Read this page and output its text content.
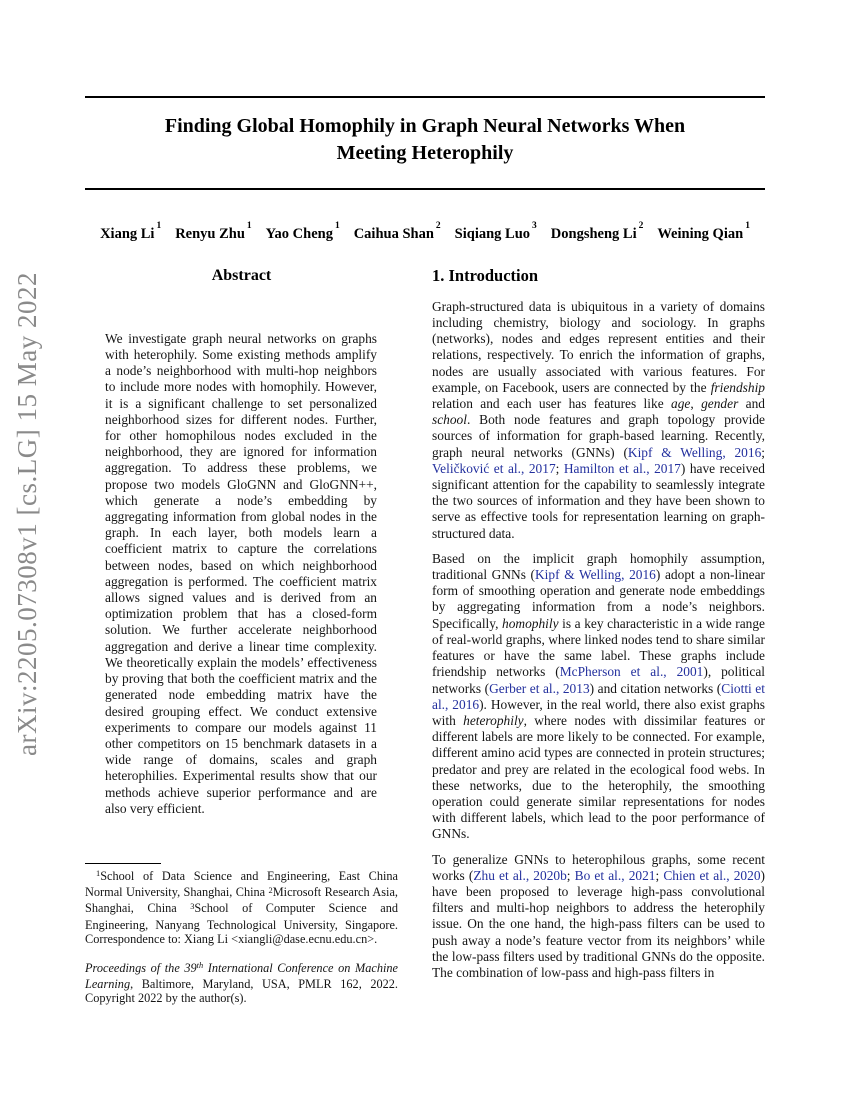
arXiv:2205.07308v1 [cs.LG] 15 May 2022
Finding Global Homophily in Graph Neural Networks When Meeting Heterophily
Xiang Li $^1$ Renyu Zhu $^1$ Yao Cheng $^1$ Caihua Shan $^2$ Siqiang Luo $^3$ Dongsheng Li $^2$ Weining Qian $^1$
Abstract
We investigate graph neural networks on graphs with heterophily. Some existing methods amplify a node’s neighborhood with multi-hop neighbors to include more nodes with homophily. However, it is a significant challenge to set personalized neighborhood sizes for different nodes. Further, for other homophilous nodes excluded in the neighborhood, they are ignored for information aggregation. To address these problems, we propose two models GloGNN and GloGNN++, which generate a node’s embedding by aggregating information from global nodes in the graph. In each layer, both models learn a coefficient matrix to capture the correlations between nodes, based on which neighborhood aggregation is performed. The coefficient matrix allows signed values and is derived from an optimization problem that has a closed-form solution. We further accelerate neighborhood aggregation and derive a linear time complexity. We theoretically explain the models’ effectiveness by proving that both the coefficient matrix and the generated node embedding matrix have the desired grouping effect. We conduct extensive experiments to compare our models against 11 other competitors on 15 benchmark datasets in a wide range of domains, scales and graph heterophilies. Experimental results show that our methods achieve superior performance and are also very efficient.
1. Introduction

Graph-structured data is ubiquitous in a variety of domains including chemistry, biology and sociology. In graphs (networks), nodes and edges represent entities and their relations, respectively. To enrich the information of graphs, nodes are usually associated with various features. For example, on Facebook, users are connected by the friendship relation and each user has features like age, gender and school. Both node features and graph topology provide sources of information for graph-based learning. Recently, graph neural networks (GNNs) (Kipf & Welling, 2016; Veličković et al., 2017; Hamilton et al., 2017) have received significant attention for the capability to seamlessly integrate the two sources of information and they have been shown to serve as effective tools for representation learning on graph-structured data.

Based on the implicit graph homophily assumption, traditional GNNs (Kipf & Welling, 2016) adopt a non-linear form of smoothing operation and generate node embeddings by aggregating information from a node’s neighbors. Specifically, homophily is a key characteristic in a wide range of real-world graphs, where linked nodes tend to share similar features or have the same label. These graphs include friendship networks (McPherson et al., 2001), political networks (Gerber et al., 2013) and citation networks (Ciotti et al., 2016). However, in the real world, there also exist graphs with heterophily, where nodes with dissimilar features or different labels are more likely to be connected. For example, different amino acid types are connected in protein structures; predator and prey are related in the ecological food webs. In these networks, due to the heterophily, the smoothing operation could generate similar representations for nodes with different labels, which lead to the poor performance of GNNs.

To generalize GNNs to heterophilous graphs, some recent works (Zhu et al., 2020b; Bo et al., 2021; Chien et al., 2020) have been proposed to leverage high-pass convolutional filters and multi-hop neighbors to address the heterophily issue. On the one hand, the high-pass filters can be used to push away a node’s feature vector from its neighbors’ while the low-pass filters used by traditional GNNs do the opposite. The combination of low-pass and high-pass filters in

$^1$School of Data Science and Engineering, East China Normal University, Shanghai, China $^2$Microsoft Research Asia, Shanghai, China $^3$School of Computer Science and Engineering, Nanyang Technological University, Singapore. Correspondence to: Xiang Li <xiangli@dase.ecnu.edu.cn>.
Proceedings of the 39th International Conference on Machine Learning, Baltimore, Maryland, USA, PMLR 162, 2022. Copyright 2022 by the author(s).
